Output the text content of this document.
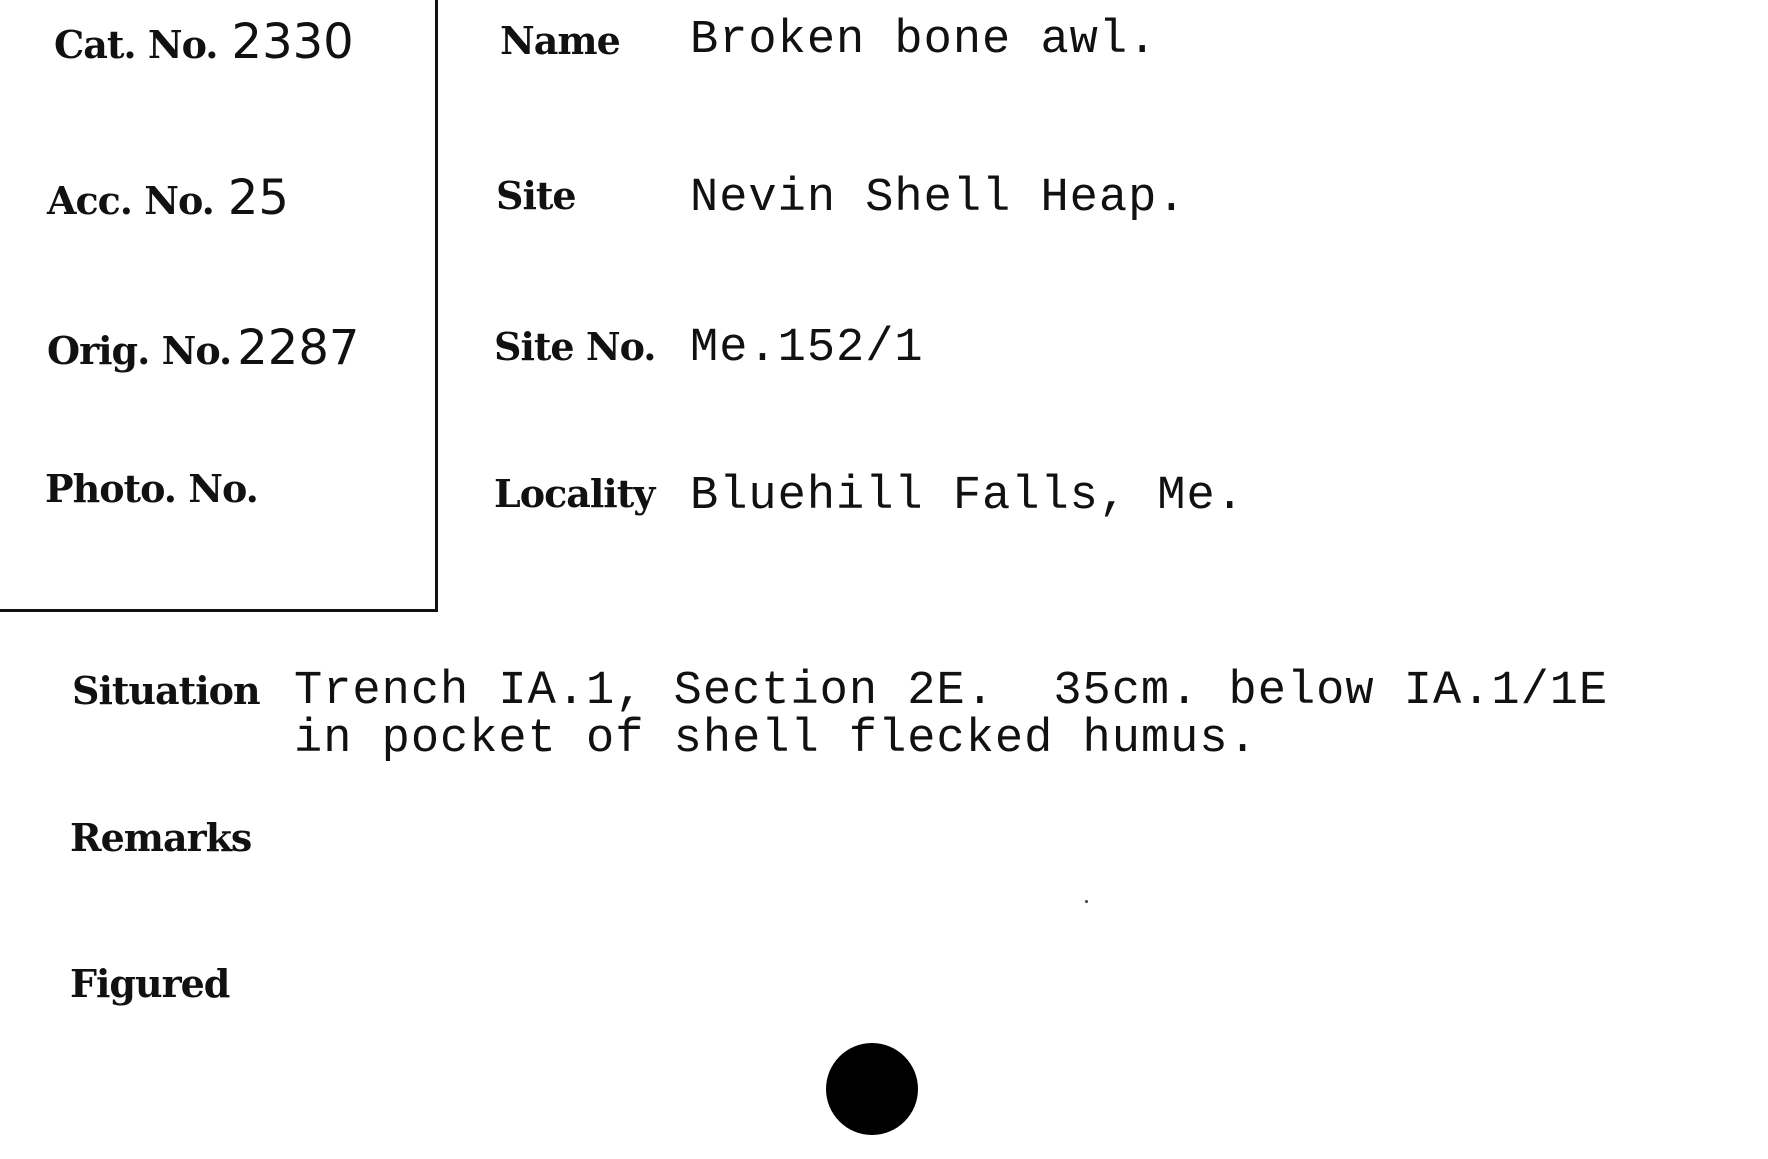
Cat. No. 2330
Acc. No. 25
Orig. No. 2287
Photo. No.
Name Broken bone awl.
Site Nevin Shell Heap.
Site No. Me.152/1
Locality Bluehill Falls, Me.
Situation Trench IA.1, Section 2E.  35cm. below IA.1/1E
in pocket of shell flecked humus.
Remarks
Figured
